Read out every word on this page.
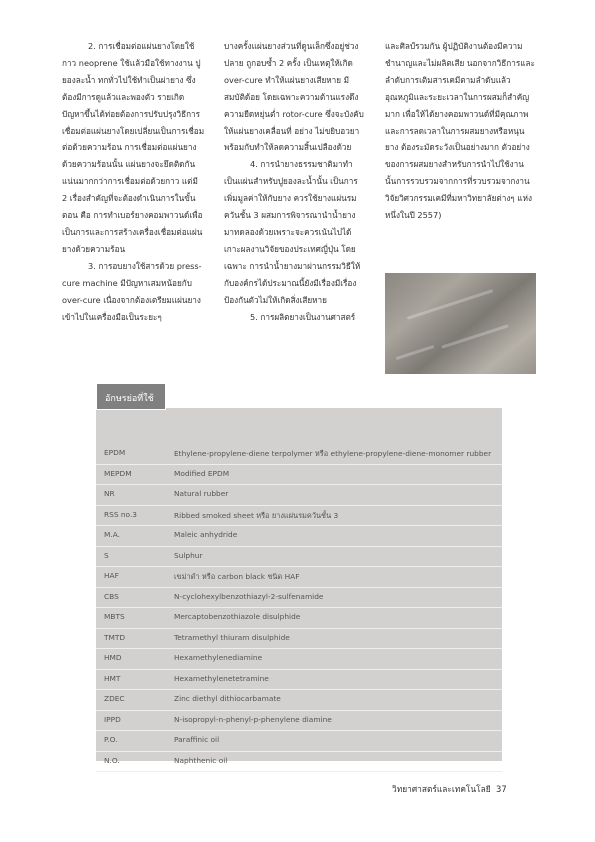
2. การเชื่อมต่อแผ่นยางโดยใช้กาว neoprene ใช้แล้วมือใช้ทางงาน ปูยองละน้ำ ทกทั่วไปใช้ทำเป็นผ่ายาง ซึ่งต้องมีการดูแล้วและพองตัว รายเกิดปัญหาขึ้นได้ท่อยต้องการปรับปรุงวิธีการเชื่อมต่อแผ่นยางโดยเปลี่ยนเป็นการเชื่อมต่อด้วยความร้อน การเชื่อมต่อแผ่นยางด้วยความร้อนนั้น แผ่นยางจะยึดติดกันแน่นมากกว่าการเชื่อมต่อด้วยกาว แต่มี 2 เรื่องสำคัญที่จะต้องดำเนินการในขั้นตอน คือ การทำเบอร์ยางคอมพาวนด์เพื่อเป็นการและการสร้างเครื่องเชื่อมต่อแผ่นยางด้วยความร้อน

3. การอบยางใช้สารด้วย press-cure machine มีปัญหาเสมหน้อยกับ over-cure เนื่องจากต้องเตรียมแผ่นยางเข้าไปในเครื่องมือเป็นระยะๆ

บางครั้งแผ่นยางส่วนที่ดูนเล็กซึ่งอยู่ช่วงปลาย ถูกอบซ้ำ 2 ครั้ง เป็นเหตุให้เกิด over-cure ทำให้แผ่นยางเสียหาย มีสมบัติด้อย โดยเฉพาะความต้านแรงดึง ความยืดหยุ่นต่ำ rotor-cure ซึ่งจะบังคับให้แผ่นยางเคลื่อนที่ อย่าง ไม่ขยิบอวยาพร้อมกับทำให้ลดความสิ้นเปลืองด้วย

4. การนำยางธรรมชาติมาทำเป็นแผ่นสำหรับปูยองละน้ำนั้น เป็นการเพิ่มมูลค่าให้กับยาง ควรใช้ยางแผ่นรมควันชั้น 3 ผสมการพิจารณานำน้ำยางมาทดลองด้วยเพราะจะควรเน้นไปได้เกาะผลงานวิจัยของประเทศญี่ปุ่น โดยเฉพาะ การนำน้ำยางมาผ่านกรรมวิธีให้กับองค์กรได้ประมาณนี้ยังมีเรื่องมีเรื่องป้องกันตัวไม่ให้เกิดสิ่งเสียหาย

5. การผลิตยางเป็นงานศาสตร์

และศิลป์รวมกัน ผู้ปฏิบัติงานต้องมีความชำนาญและไม่ผลิตเสีย นอกจากวิธีการและลำดับการเติมสารเคมีตามลำดับแล้ว อุณหภูมิและระยะเวลาในการผสมก็สำคัญมาก เพื่อให้ได้ยางคอมพาวนด์ที่มีคุณภาพและการลดเวลาในการผสมยางหรือหนุนยาง ต้องระมัดระวังเป็นอย่างมาก ตัวอย่างของการผสมยางสำหรับการนำไปใช้งานนั้นการรวบรวมจากการที่รวบรวมจากงานวิจัยวิศวกรรมเคมีที่มหาวิทยาลัยต่างๆ แห่งหนึ่งในปี 2557)

อักษรย่อที่ใช้
EPDM	Ethylene-propylene-diene terpolymer หรือ ethylene-propylene-diene-monomer rubber
MEPDM	Modified EPDM
NR	Natural rubber
RSS no.3	Ribbed smoked sheet หรือ ยางแผ่นรมควันชั้น 3
M.A.	Maleic anhydride
S	Sulphur
HAF	เขม่าดำ หรือ carbon black ชนิด HAF
CBS	N-cyclohexylbenzothiazyl-2-sulfenamide
MBTS	Mercaptobenzothiazole disulphide
TMTD	Tetramethyl thiuram disulphide
HMD	Hexamethylenediamine
HMT	Hexamethylenetetramine
ZDEC	Zinc diethyl dithiocarbamate
IPPD	N-isopropyl-n-phenyl-p-phenylene diamine
P.O.	Paraffinic oil
N.O.	Naphthenic oil
วิทยาศาสตร์และเทคโนโลยี 37
